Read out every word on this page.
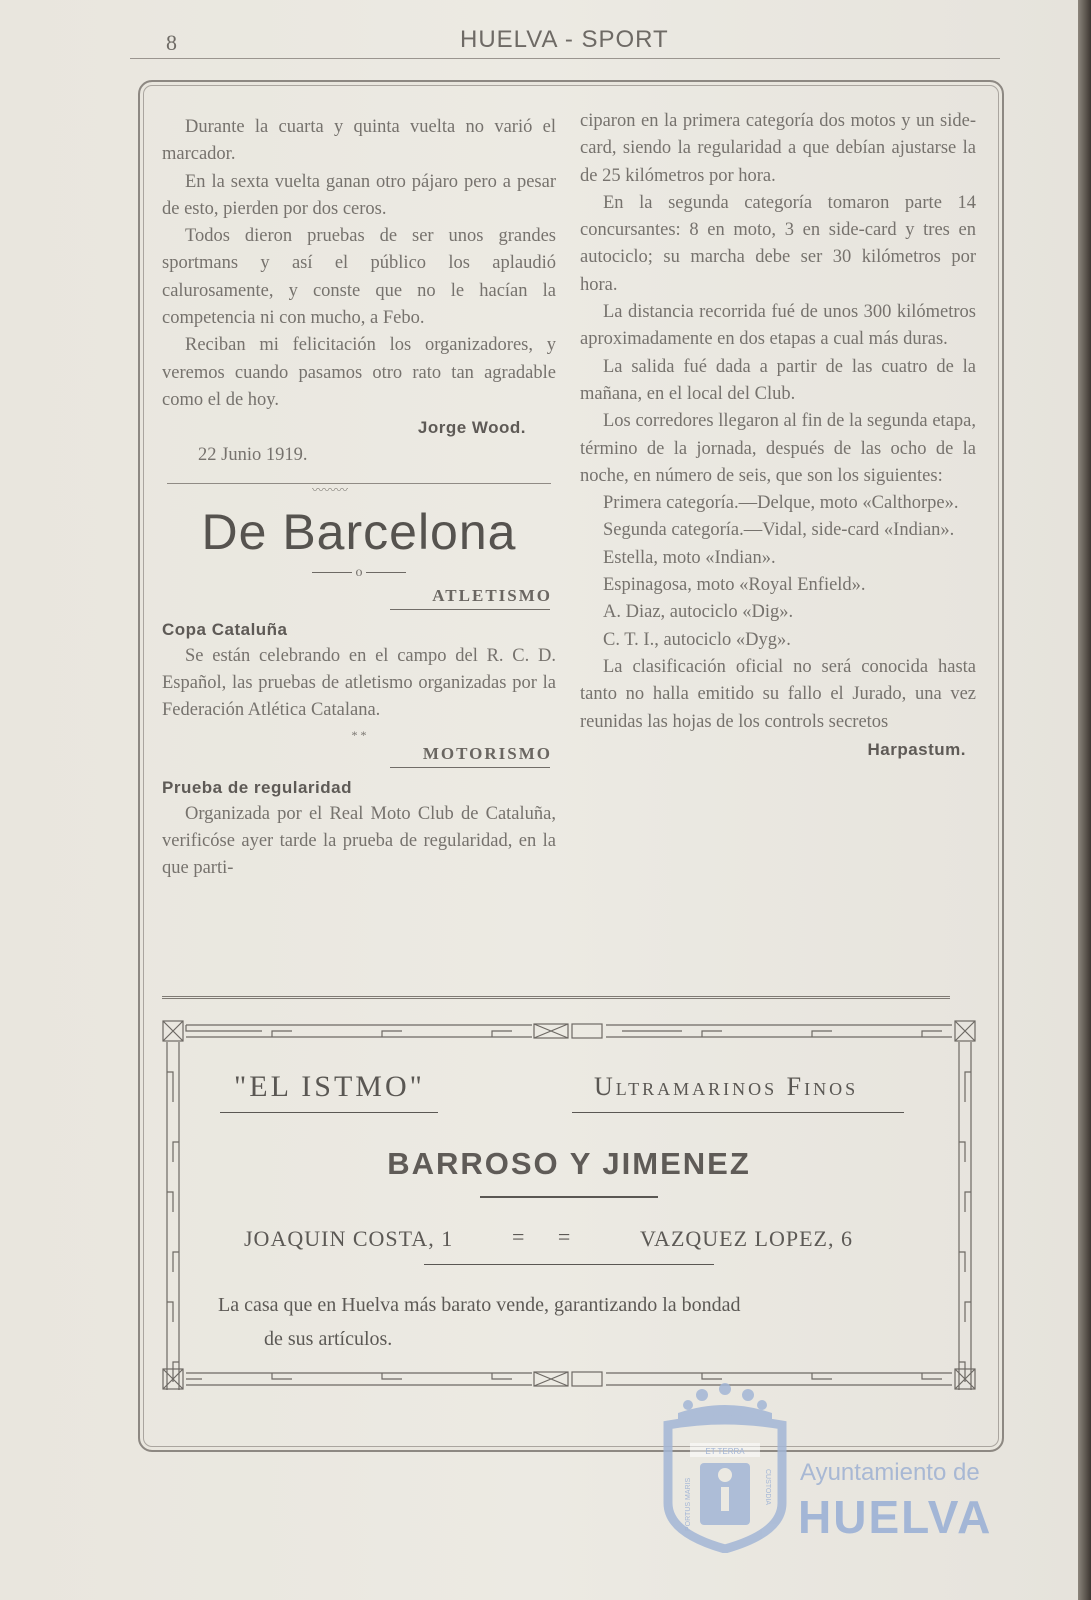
8	HUELVA - SPORT

Durante la cuarta y quinta vuelta no varió el marcador.

En la sexta vuelta ganan otro pájaro pero a pesar de esto, pierden por dos ceros.

Todos dieron pruebas de ser unos grandes sportmans y así el público los aplaudió calurosamente, y conste que no le hacían la competencia ni con mucho, a Febo.

Reciban mi felicitación los organizadores, y veremos cuando pasamos otro rato tan agradable como el de hoy.

Jorge Wood.
22 Junio 1919.
〰〰〰
De Barcelona
o
ATLETISMO
Copa Cataluña

Se están celebrando en el campo del R. C. D. Español, las pruebas de atletismo organizadas por la Federación Atlética Catalana.

* *
MOTORISMO
Prueba de regularidad

Organizada por el Real Moto Club de Cataluña, verificóse ayer tarde la prueba de regularidad, en la que parti-

ciparon en la primera categoría dos motos y un side-card, siendo la regularidad a que debían ajustarse la de 25 kilómetros por hora.

En la segunda categoría tomaron parte 14 concursantes: 8 en moto, 3 en side-card y tres en autociclo; su marcha debe ser 30 kilómetros por hora.

La distancia recorrida fué de unos 300 kilómetros aproximadamente en dos etapas a cual más duras.

La salida fué dada a partir de las cuatro de la mañana, en el local del Club.

Los corredores llegaron al fin de la segunda etapa, término de la jornada, después de las ocho de la noche, en número de seis, que son los siguientes:

Primera categoría.—Delque, moto «Calthorpe».

Segunda categoría.—Vidal, side-card «Indian».

Estella, moto «Indian».

Espinagosa, moto «Royal Enfield».

A. Diaz, autociclo «Dig».

C. T. I., autociclo «Dyg».

La clasificación oficial no será conocida hasta tanto no halla emitido su fallo el Jurado, una vez reunidas las hojas de los controls secretos

Harpastum.
"EL ISTMO"	Ultramarinos Finos
BARROSO Y JIMENEZ
JOAQUIN COSTA, 1	= =	VAZQUEZ LOPEZ, 6
La casa que en Huelva más barato vende, garantizando la bondad
de sus artículos.
ET TERRA
PORTUS MARIS	CUSTODIA Ayuntamiento de
HUELVA
